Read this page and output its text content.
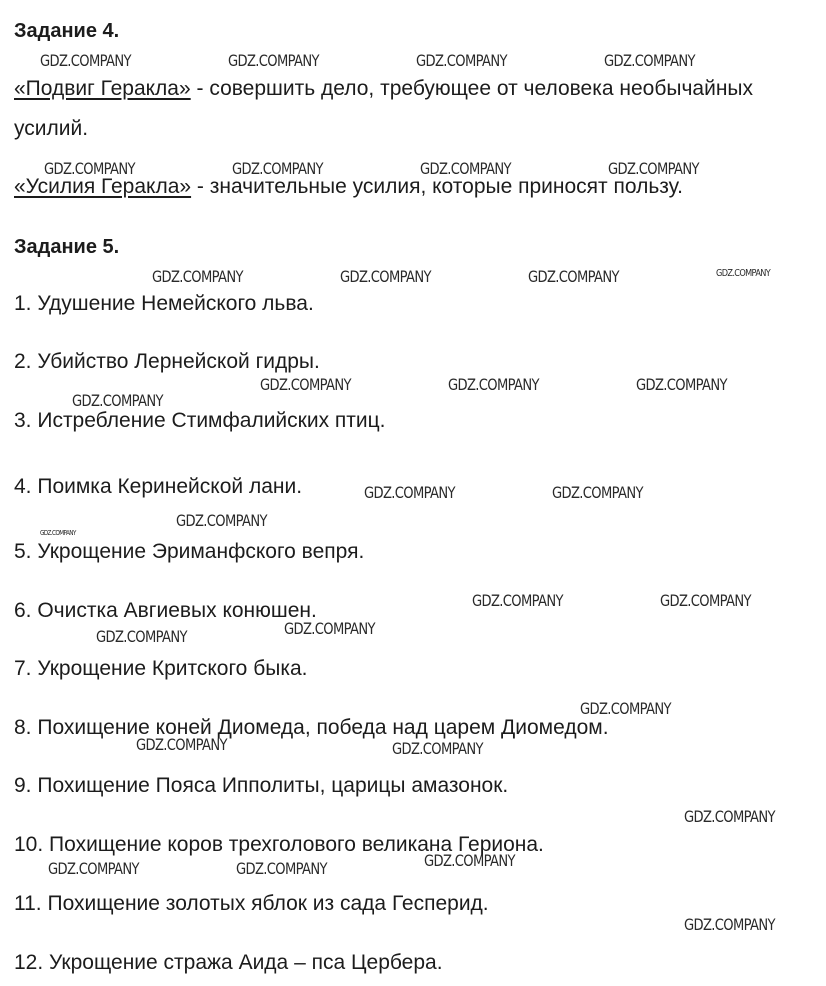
Задание 4.
«Подвиг Геракла» - совершить дело, требующее от человека необычайных
усилий.
«Усилия Геракла» - значительные усилия, которые приносят пользу.
Задание 5.
1. Удушение Немейского льва.
2. Убийство Лернейской гидры.
3. Истребление Стимфалийских птиц.
4. Поимка Керинейской лани.
5. Укрощение Эриманфского вепря.
6. Очистка Авгиевых конюшен.
7. Укрощение Критского быка.
8. Похищение коней Диомеда, победа над царем Диомедом.
9. Похищение Пояса Ипполиты, царицы амазонок.
10. Похищение коров трехголового великана Гериона.
11. Похищение золотых яблок из сада Гесперид.
12. Укрощение стража Аида – пса Цербера.
GDZ.COMPANY	GDZ.COMPANY	GDZ.COMPANY	GDZ.COMPANY
GDZ.COMPANY	GDZ.COMPANY	GDZ.COMPANY	GDZ.COMPANY
GDZ.COMPANY	GDZ.COMPANY	GDZ.COMPANY	GDZ.COMPANY
GDZ.COMPANY	GDZ.COMPANY	GDZ.COMPANY
GDZ.COMPANY
GDZ.COMPANY	GDZ.COMPANY
GDZ.COMPANY
GDZ.COMPANY
GDZ.COMPANY	GDZ.COMPANY
GDZ.COMPANY
GDZ.COMPANY
GDZ.COMPANY
GDZ.COMPANY	GDZ.COMPANY
GDZ.COMPANY
GDZ.COMPANY
GDZ.COMPANY	GDZ.COMPANY
GDZ.COMPANY
